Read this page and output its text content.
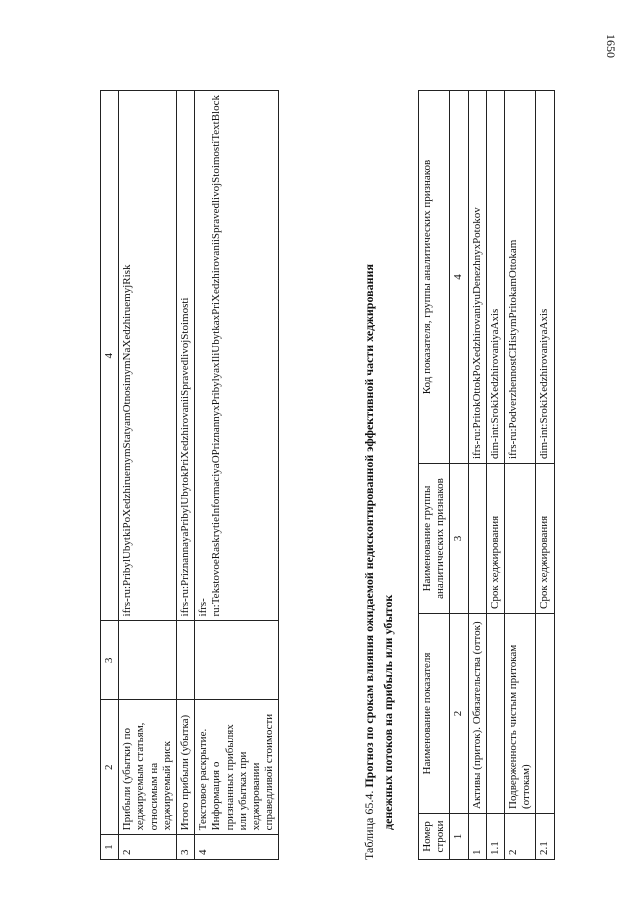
1650
1	2	3	4
2	Прибыли (убытки) по хеджируемым статьям, относимым на хеджируемый риск		ifrs-ru:PribylUbytkiPoXedzhiruemymStatyamOtnosimymNaXedzhiruemyjRisk
3	Итого прибыли (убытка)		ifrs-ru:PriznannayaPribylUbytokPriXedzhirovaniiSpravedlivojStoimosti
4	Текстовое раскрытие. Информация о признанных прибылях или убытках при хеджировании справедливой стоимости		ifrs-ru:TekstovoeRaskrytieInformaciyaOPriznannyxPribylyaxIliUbytkaxPriXedzhirovaniiSpravedlivojStoimostiTextBlock
Таблица 65.4. Прогноз по срокам влияния ожидаемой недисконтированной эффективной части хеджирования денежных потоков на прибыль или убыток
Номер строки	Наименование показателя	Наименование группы аналитических признаков	Код показателя, группы аналитических признаков
1	2	3	4
1	Активы (приток). Обязательства (отток)		ifrs-ru:PritokOttokPoXedzhirovaniyuDenezhnyxPotokov
1.1		Срок хеджирования	dim-int:SrokiXedzhirovaniyaAxis
2	Подверженность чистым притокам (оттокам)		ifrs-ru:PodverzhennostCHistymPritokamOttokam
2.1		Срок хеджирования	dim-int:SrokiXedzhirovaniyaAxis
